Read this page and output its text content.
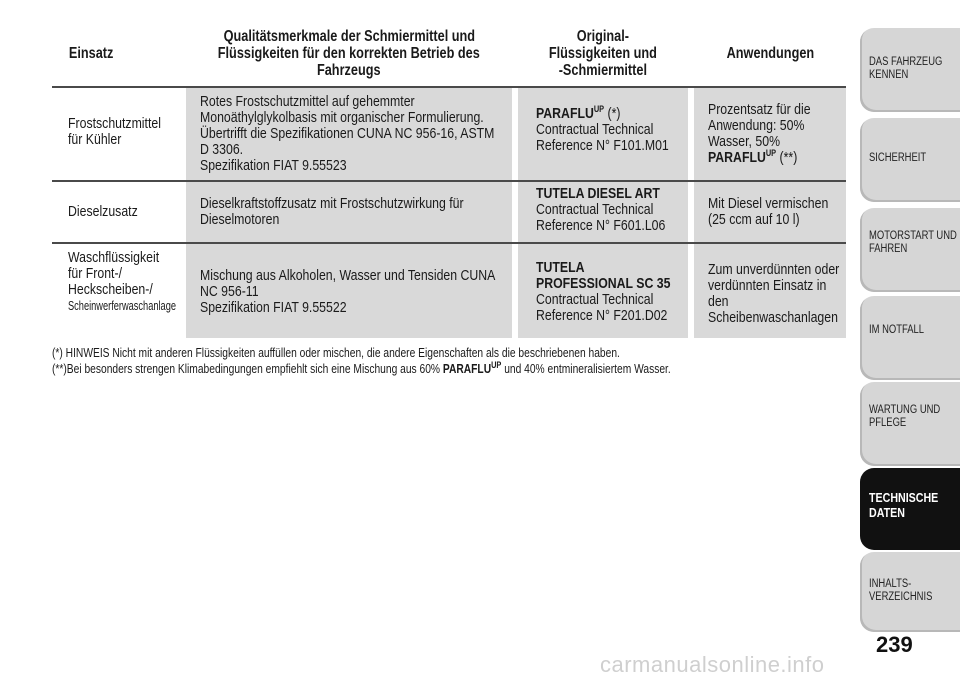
Einsatz
Qualitätsmerkmale der Schmiermittel und
Flüssigkeiten für den korrekten Betrieb des
Fahrzeugs
Original-
Flüssigkeiten und
-Schmiermittel
Anwendungen
Frostschutzmittel
für Kühler
Rotes Frostschutzmittel auf gehemmter
Monoäthylglykolbasis mit organischer Formulierung.
Übertrifft die Spezifikationen CUNA NC 956-16, ASTM
D 3306.
Spezifikation FIAT 9.55523
$PARAFLU^{UP}$ (*)
Contractual Technical
Reference N° F101.M01
Prozentsatz für die
Anwendung: 50%
Wasser, 50%
$PARAFLU^{UP}$ (**)
Dieselzusatz	Dieselkraftstoffzusatz mit Frostschutzwirkung für
Dieselmotoren
TUTELA DIESEL ART
Contractual Technical
Reference N° F601.L06
Mit Diesel vermischen
(25 ccm auf 10 l)
Waschflüssigkeit
für Front-/
Heckscheiben-/
Scheinwerferwaschanlage
Mischung aus Alkoholen, Wasser und Tensiden CUNA
NC 956-11
Spezifikation FIAT 9.55522
TUTELA
PROFESSIONAL SC 35
Contractual Technical
Reference N° F201.D02
Zum unverdünnten oder
verdünnten Einsatz in
den
Scheibenwaschanlagen
(*) HINWEIS Nicht mit anderen Flüssigkeiten auffüllen oder mischen, die andere Eigenschaften als die beschriebenen haben.
(**)Bei besonders strengen Klimabedingungen empfiehlt sich eine Mischung aus 60% $PARAFLU^{UP}$ und 40% entmineralisiertem Wasser.
DAS FAHRZEUG
KENNEN
SICHERHEIT
MOTORSTART UND
FAHREN
IM NOTFALL
WARTUNG UND
PFLEGE
TECHNISCHE
DATEN
INHALTS-
VERZEICHNIS
239
carmanualsonline.info
